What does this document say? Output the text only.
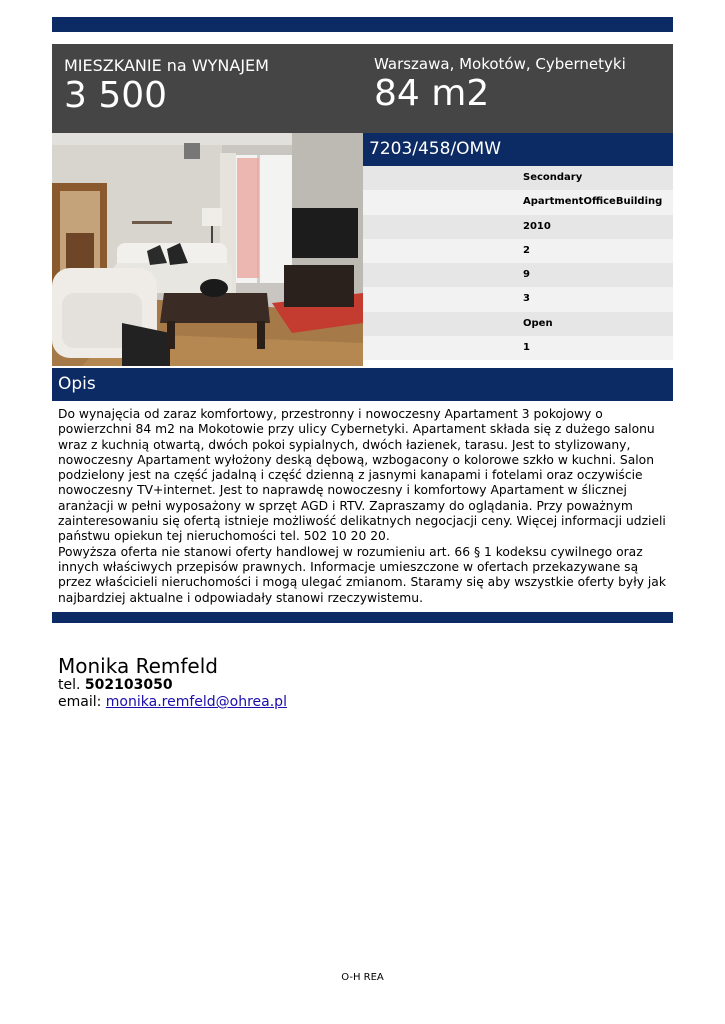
MIESZKANIE na WYNAJEM
3 500
Warszawa, Mokotów, Cybernetyki
84 m2
7203/458/OMW
Secondary
ApartmentOfficeBuilding
2010
2
9
3
Open
1
Opis
Do wynajęcia od zaraz komfortowy, przestronny i nowoczesny Apartament 3 pokojowy o
powierzchni 84 m2 na Mokotowie przy ulicy Cybernetyki. Apartament składa się z dużego salonu
wraz z kuchnią otwartą, dwóch pokoi sypialnych, dwóch łazienek, tarasu. Jest to stylizowany,
nowoczesny Apartament wyłożony deską dębową, wzbogacony o kolorowe szkło w kuchni. Salon
podzielony jest na część jadalną i część dzienną z jasnymi kanapami i fotelami oraz oczywiście
nowoczesny TV+internet. Jest to naprawdę nowoczesny i komfortowy Apartament w ślicznej
aranżacji w pełni wyposażony w sprzęt AGD i RTV. Zapraszamy do oglądania. Przy poważnym
zainteresowaniu się ofertą istnieje możliwość delikatnych negocjacji ceny. Więcej informacji udzieli
państwu opiekun tej nieruchomości tel. 502 10 20 20.
Powyższa oferta nie stanowi oferty handlowej w rozumieniu art. 66 § 1 kodeksu cywilnego oraz
innych właściwych przepisów prawnych. Informacje umieszczone w ofertach przekazywane są
przez właścicieli nieruchomości i mogą ulegać zmianom. Staramy się aby wszystkie oferty były jak
najbardziej aktualne i odpowiadały stanowi rzeczywistemu.
Monika Remfeld
tel. 502103050
email: monika.remfeld@ohrea.pl
O-H REA
